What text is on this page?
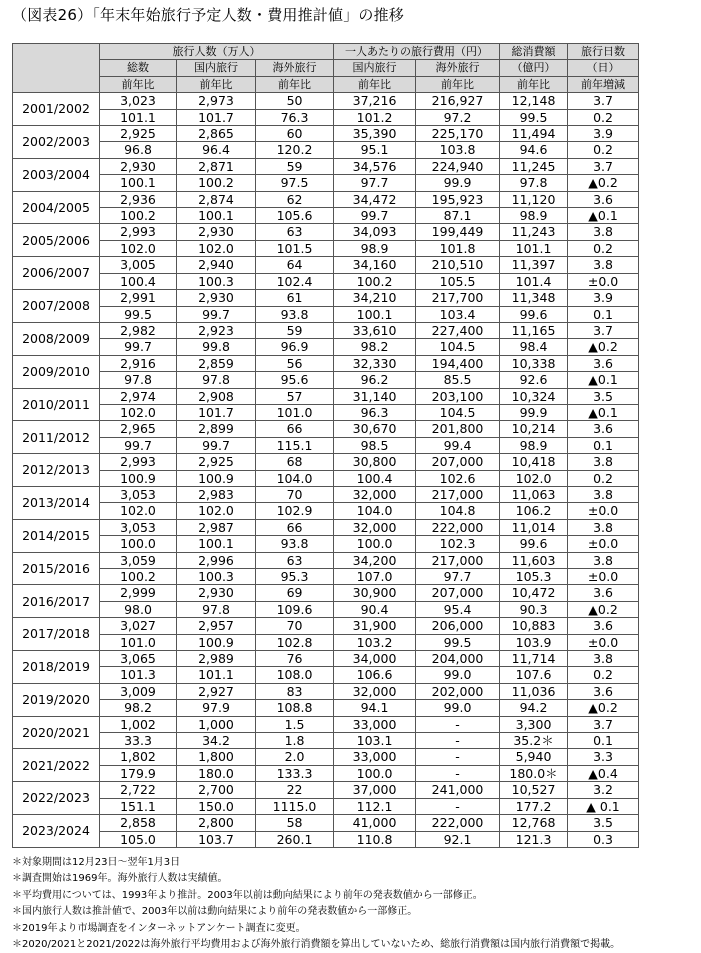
（図表26）「年末年始旅行予定人数・費用推計値」の推移
	旅行人数（万人）			一人あたりの旅行費用（円）		総消費額	旅行日数
	総数	国内旅行	海外旅行	国内旅行	海外旅行	（億円）	（日）
	前年比	前年比	前年比	前年比	前年比	前年比	前年増減
2001/2002	3,023	2,973	50	37,216	216,927	12,148	3.7
	101.1	101.7	76.3	101.2	97.2	99.5	0.2
2002/2003	2,925	2,865	60	35,390	225,170	11,494	3.9
	96.8	96.4	120.2	95.1	103.8	94.6	0.2
2003/2004	2,930	2,871	59	34,576	224,940	11,245	3.7
	100.1	100.2	97.5	97.7	99.9	97.8	▲0.2
2004/2005	2,936	2,874	62	34,472	195,923	11,120	3.6
	100.2	100.1	105.6	99.7	87.1	98.9	▲0.1
2005/2006	2,993	2,930	63	34,093	199,449	11,243	3.8
	102.0	102.0	101.5	98.9	101.8	101.1	0.2
2006/2007	3,005	2,940	64	34,160	210,510	11,397	3.8
	100.4	100.3	102.4	100.2	105.5	101.4	±0.0
2007/2008	2,991	2,930	61	34,210	217,700	11,348	3.9
	99.5	99.7	93.8	100.1	103.4	99.6	0.1
2008/2009	2,982	2,923	59	33,610	227,400	11,165	3.7
	99.7	99.8	96.9	98.2	104.5	98.4	▲0.2
2009/2010	2,916	2,859	56	32,330	194,400	10,338	3.6
	97.8	97.8	95.6	96.2	85.5	92.6	▲0.1
2010/2011	2,974	2,908	57	31,140	203,100	10,324	3.5
	102.0	101.7	101.0	96.3	104.5	99.9	▲0.1
2011/2012	2,965	2,899	66	30,670	201,800	10,214	3.6
	99.7	99.7	115.1	98.5	99.4	98.9	0.1
2012/2013	2,993	2,925	68	30,800	207,000	10,418	3.8
	100.9	100.9	104.0	100.4	102.6	102.0	0.2
2013/2014	3,053	2,983	70	32,000	217,000	11,063	3.8
	102.0	102.0	102.9	104.0	104.8	106.2	±0.0
2014/2015	3,053	2,987	66	32,000	222,000	11,014	3.8
	100.0	100.1	93.8	100.0	102.3	99.6	±0.0
2015/2016	3,059	2,996	63	34,200	217,000	11,603	3.8
	100.2	100.3	95.3	107.0	97.7	105.3	±0.0
2016/2017	2,999	2,930	69	30,900	207,000	10,472	3.6
	98.0	97.8	109.6	90.4	95.4	90.3	▲0.2
2017/2018	3,027	2,957	70	31,900	206,000	10,883	3.6
	101.0	100.9	102.8	103.2	99.5	103.9	±0.0
2018/2019	3,065	2,989	76	34,000	204,000	11,714	3.8
	101.3	101.1	108.0	106.6	99.0	107.6	0.2
2019/2020	3,009	2,927	83	32,000	202,000	11,036	3.6
	98.2	97.9	108.8	94.1	99.0	94.2	▲0.2
2020/2021	1,002	1,000	1.5	33,000	-	3,300	3.7
	33.3	34.2	1.8	103.1	-	35.2＊	0.1
2021/2022	1,802	1,800	2.0	33,000	-	5,940	3.3
	179.9	180.0	133.3	100.0	-	180.0＊	▲0.4
2022/2023	2,722	2,700	22	37,000	241,000	10,527	3.2
	151.1	150.0	1115.0	112.1	-	177.2	▲ 0.1
2023/2024	2,858	2,800	58	41,000	222,000	12,768	3.5
	105.0	103.7	260.1	110.8	92.1	121.3	0.3
＊対象期間は12月23日～翌年1月3日
＊調査開始は1969年。海外旅行人数は実績値。
＊平均費用については、1993年より推計。2003年以前は動向結果により前年の発表数値から一部修正。
＊国内旅行人数は推計値で、2003年以前は動向結果により前年の発表数値から一部修正。
＊2019年より市場調査をインターネットアンケート調査に変更。
＊2020/2021と2021/2022は海外旅行平均費用および海外旅行消費額を算出していないため、総旅行消費額は国内旅行消費額で掲載。
